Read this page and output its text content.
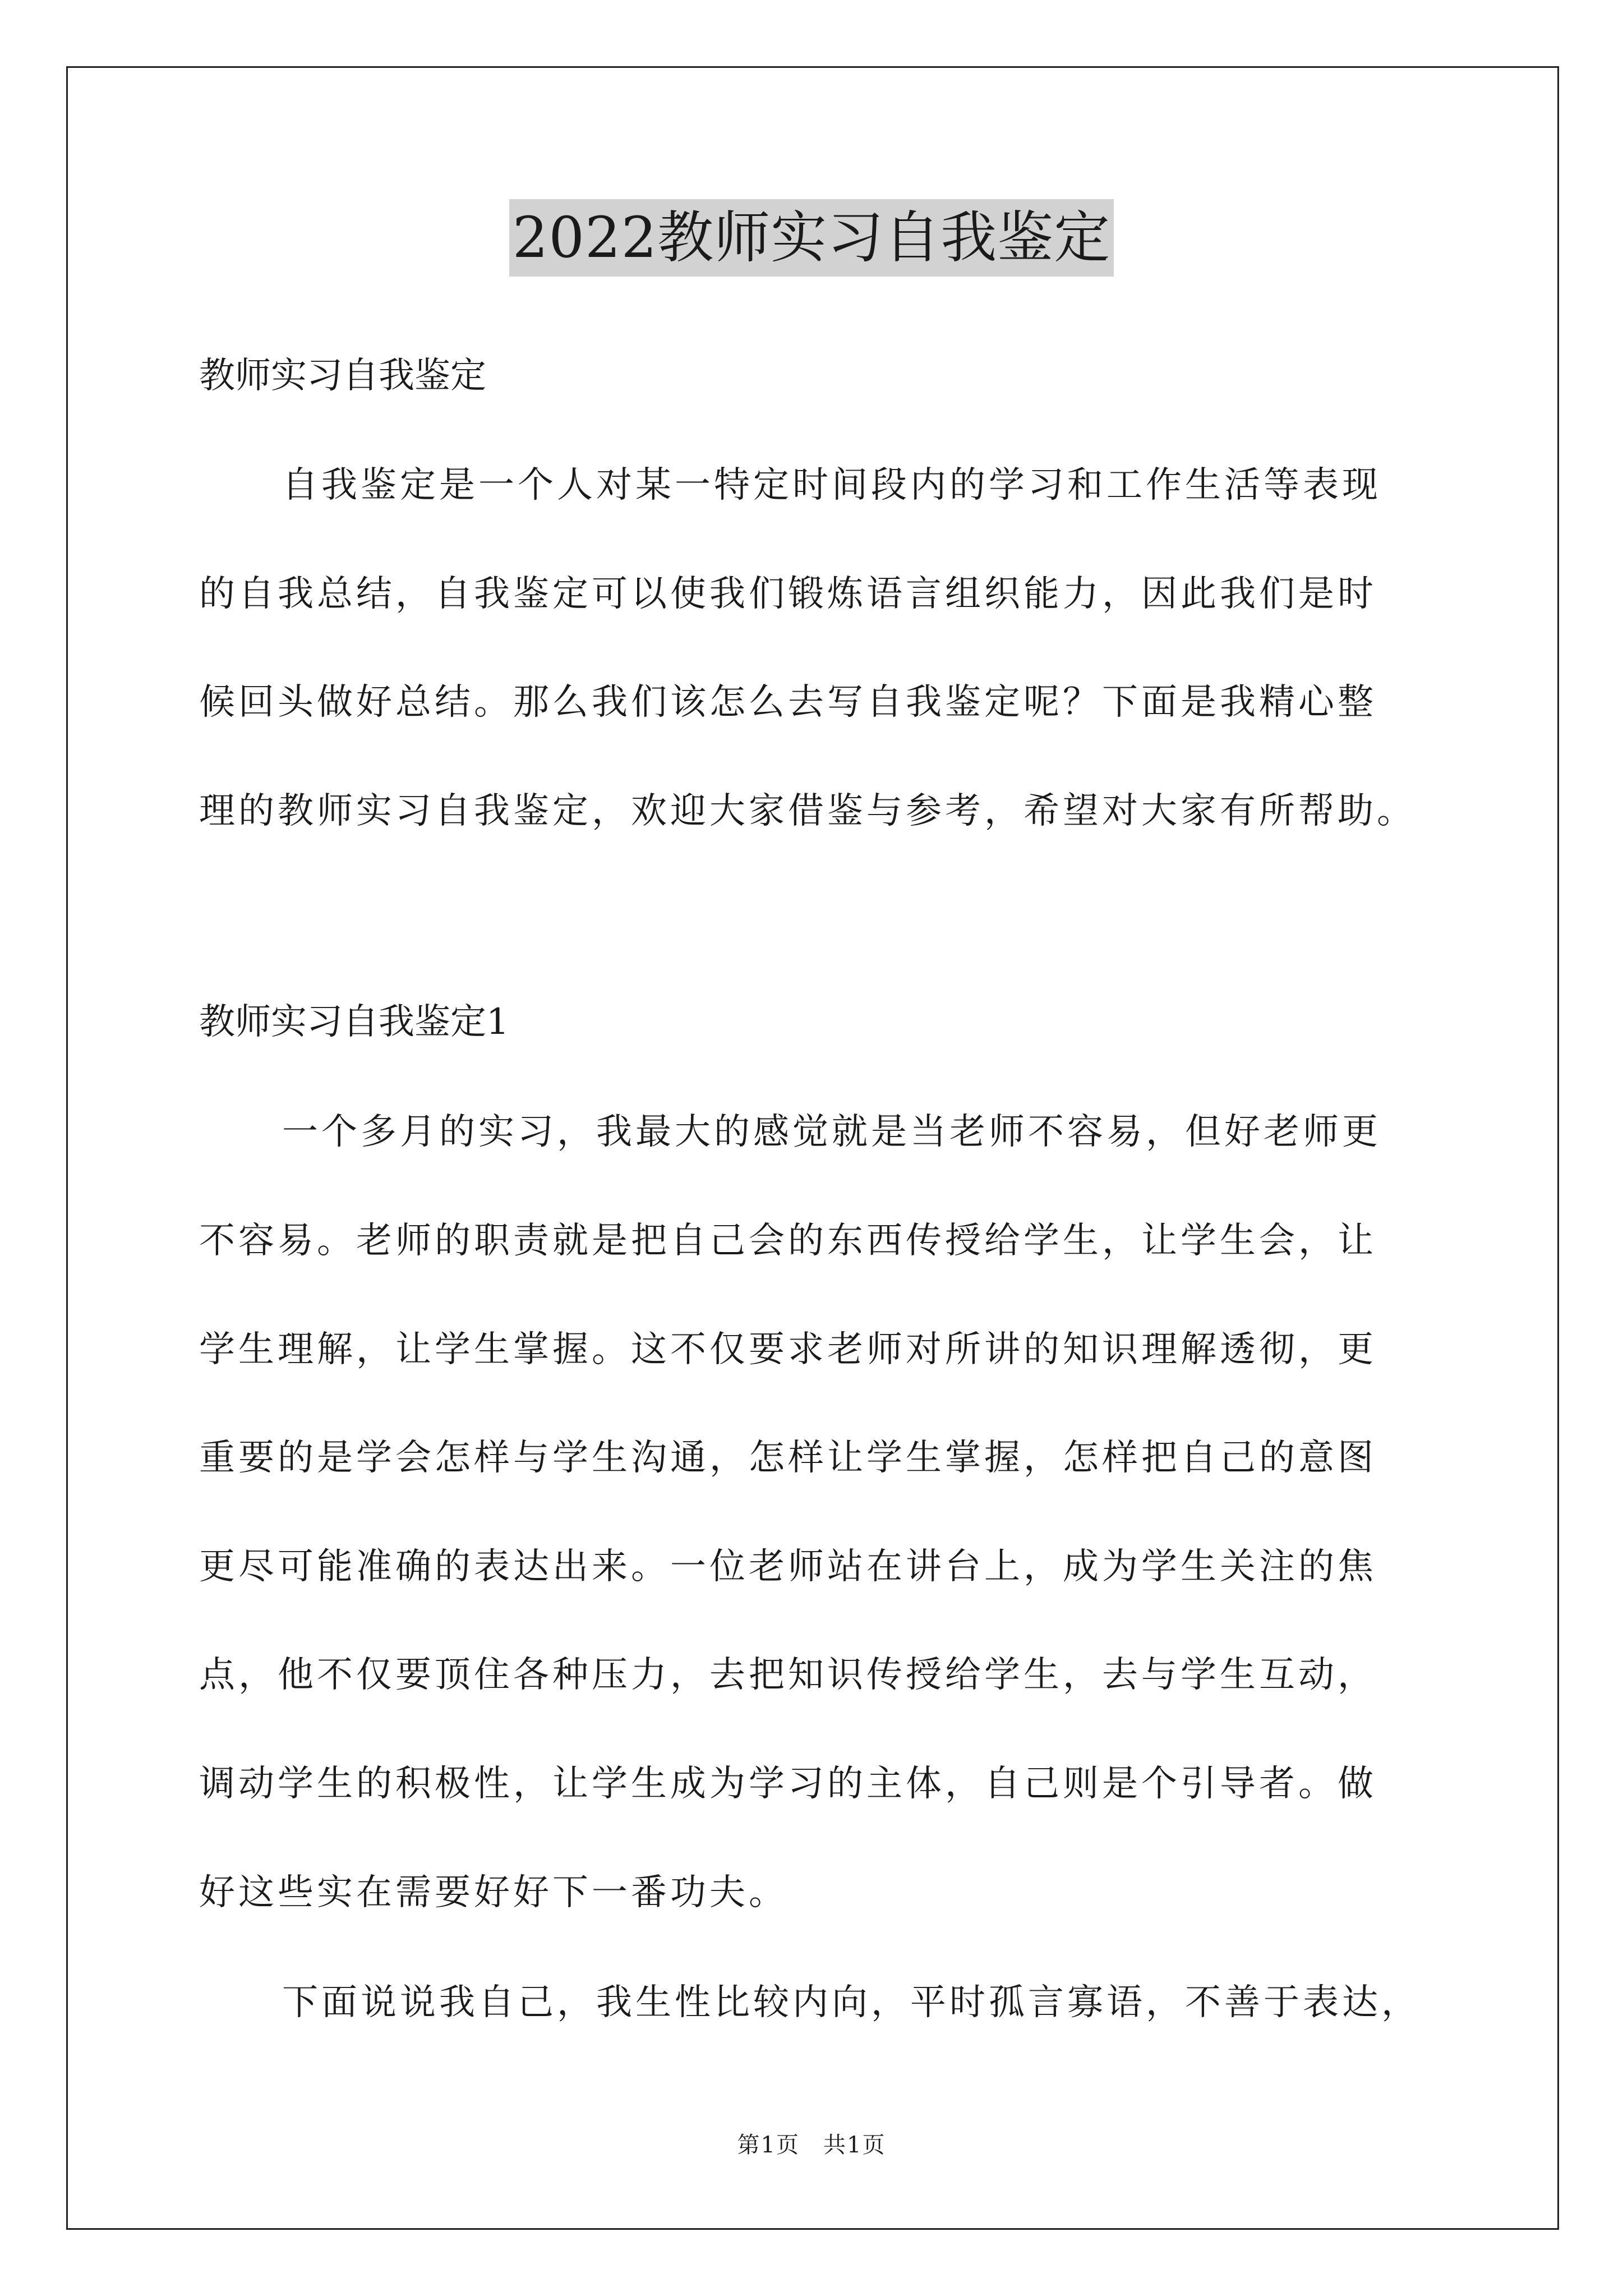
2022教师实习自我鉴定
教师实习自我鉴定
自我鉴定是一个人对某一特定时间段内的学习和工作生活等表现
的自我总结，自我鉴定可以使我们锻炼语言组织能力，因此我们是时
候回头做好总结。那么我们该怎么去写自我鉴定呢？下面是我精心整
理的教师实习自我鉴定，欢迎大家借鉴与参考，希望对大家有所帮助。
教师实习自我鉴定1
一个多月的实习，我最大的感觉就是当老师不容易，但好老师更
不容易。老师的职责就是把自己会的东西传授给学生，让学生会，让
学生理解，让学生掌握。这不仅要求老师对所讲的知识理解透彻，更
重要的是学会怎样与学生沟通，怎样让学生掌握，怎样把自己的意图
更尽可能准确的表达出来。一位老师站在讲台上，成为学生关注的焦
点，他不仅要顶住各种压力，去把知识传授给学生，去与学生互动，
调动学生的积极性，让学生成为学习的主体，自己则是个引导者。做
好这些实在需要好好下一番功夫。
下面说说我自己，我生性比较内向，平时孤言寡语，不善于表达，
第1页　共1页
